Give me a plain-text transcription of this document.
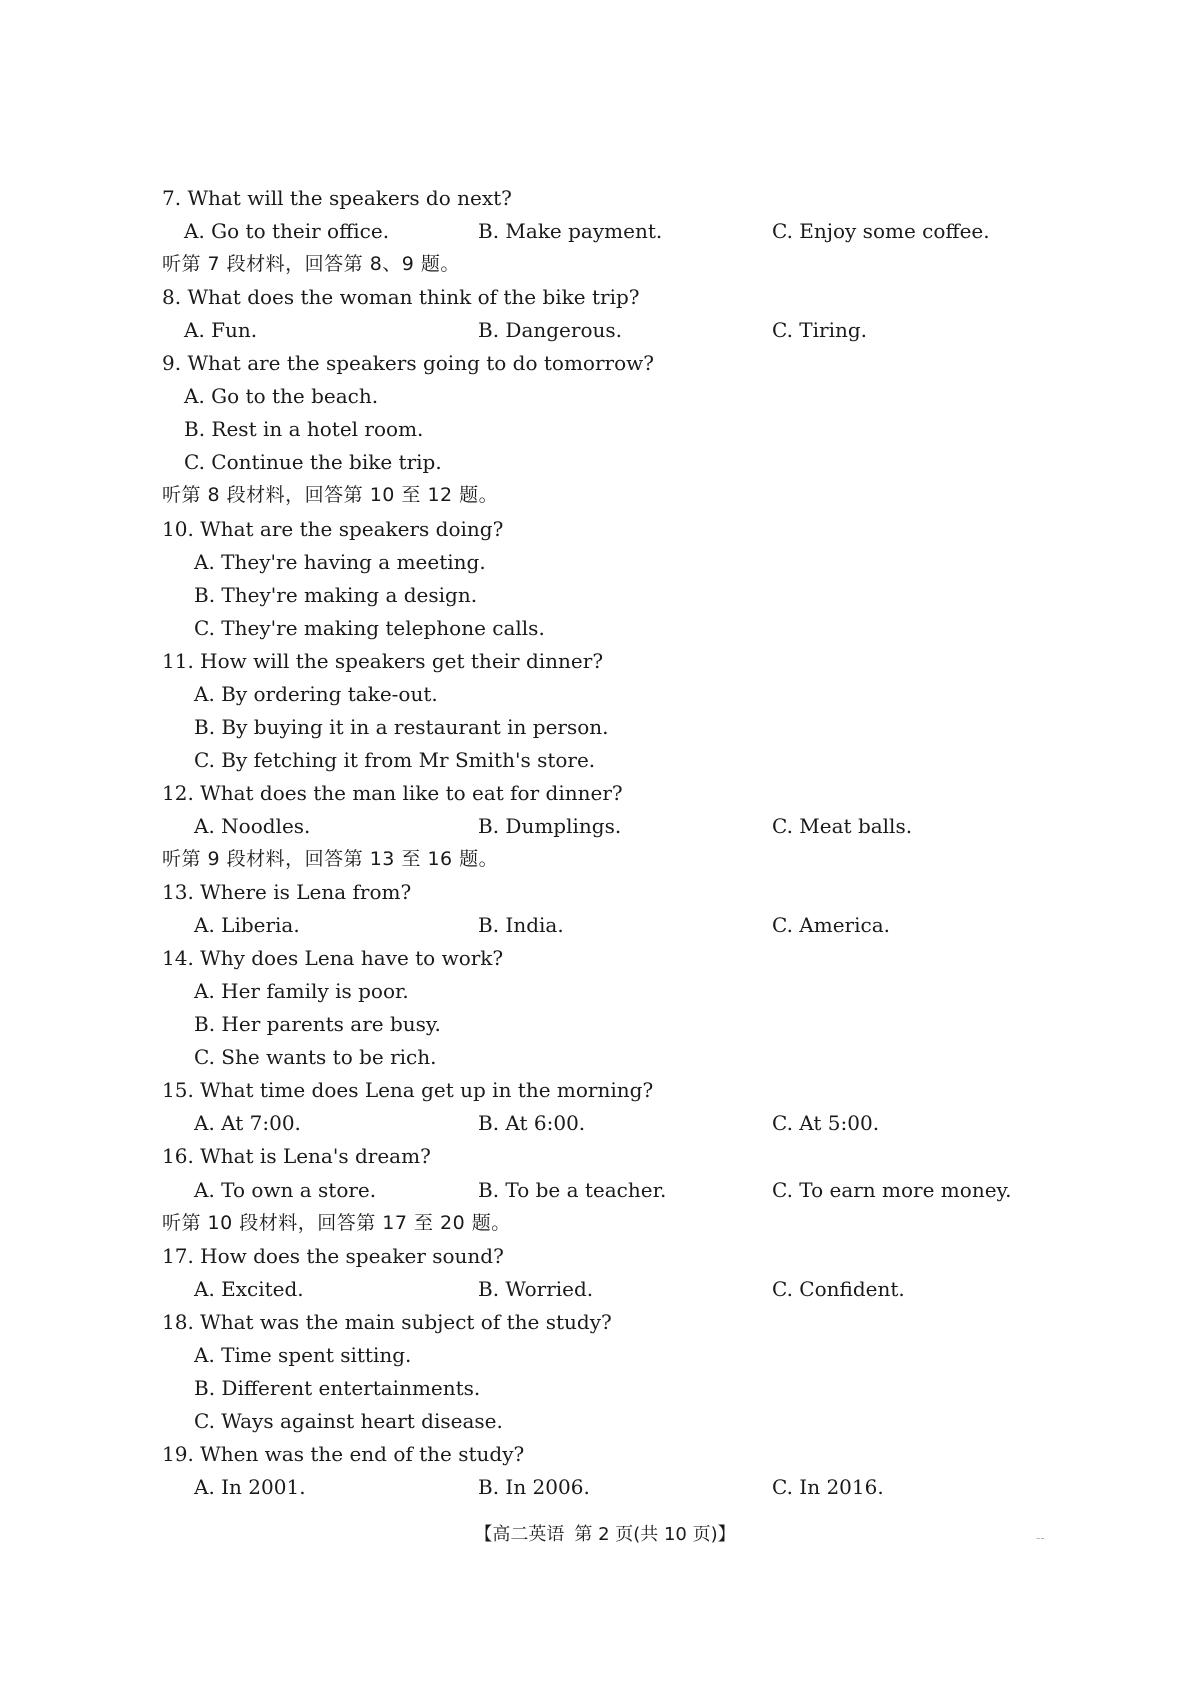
7. What will the speakers do next?
A. Go to their office.	B. Make payment.	C. Enjoy some coffee.
听第 7 段材料，回答第 8、9 题。
8. What does the woman think of the bike trip?
A. Fun.	B. Dangerous.	C. Tiring.
9. What are the speakers going to do tomorrow?
A. Go to the beach.
B. Rest in a hotel room.
C. Continue the bike trip.
听第 8 段材料，回答第 10 至 12 题。
10. What are the speakers doing?
A. They're having a meeting.
B. They're making a design.
C. They're making telephone calls.
11. How will the speakers get their dinner?
A. By ordering take-out.
B. By buying it in a restaurant in person.
C. By fetching it from Mr Smith's store.
12. What does the man like to eat for dinner?
A. Noodles.	B. Dumplings.	C. Meat balls.
听第 9 段材料，回答第 13 至 16 题。
13. Where is Lena from?
A. Liberia.	B. India.	C. America.
14. Why does Lena have to work?
A. Her family is poor.
B. Her parents are busy.
C. She wants to be rich.
15. What time does Lena get up in the morning?
A. At 7:00.	B. At 6:00.	C. At 5:00.
16. What is Lena's dream?
A. To own a store.	B. To be a teacher.	C. To earn more money.
听第 10 段材料，回答第 17 至 20 题。
17. How does the speaker sound?
A. Excited.	B. Worried.	C. Confident.
18. What was the main subject of the study?
A. Time spent sitting.
B. Different entertainments.
C. Ways against heart disease.
19. When was the end of the study?
A. In 2001.	B. In 2006.	C. In 2016.
【高二英语 第 2 页(共 10 页)】	--
